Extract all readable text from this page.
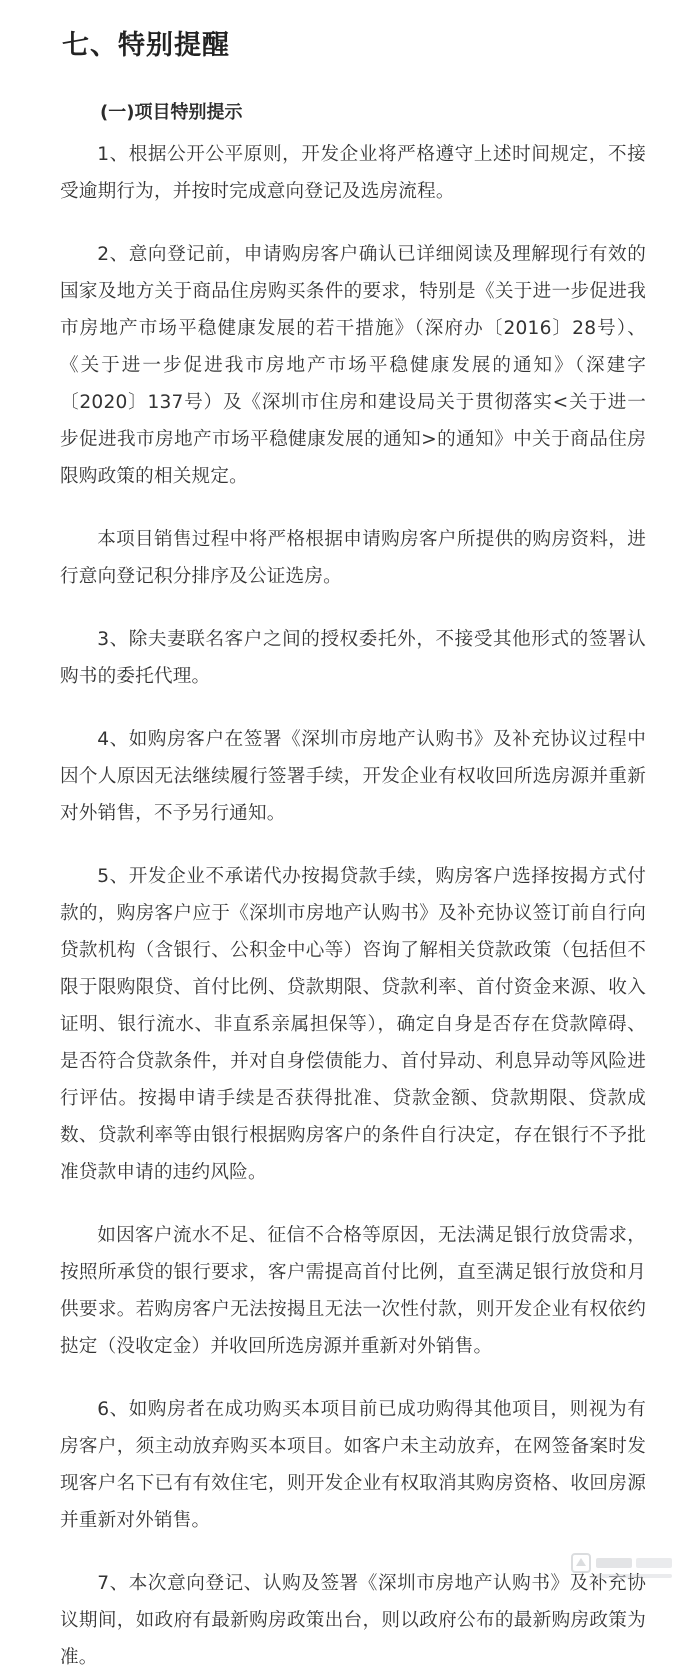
七、特别提醒
(一)项目特别提示

1、根据公开公平原则，开发企业将严格遵守上述时间规定，不接受逾期行为，并按时完成意向登记及选房流程。

2、意向登记前，申请购房客户确认已详细阅读及理解现行有效的国家及地方关于商品住房购买条件的要求，特别是《关于进一步促进我市房地产市场平稳健康发展的若干措施》（深府办〔2016〕28号）、《关于进一步促进我市房地产市场平稳健康发展的通知》（深建字〔2020〕137号）及《深圳市住房和建设局关于贯彻落实<关于进一步促进我市房地产市场平稳健康发展的通知>的通知》中关于商品住房限购政策的相关规定。

本项目销售过程中将严格根据申请购房客户所提供的购房资料，进行意向登记积分排序及公证选房。

3、除夫妻联名客户之间的授权委托外，不接受其他形式的签署认购书的委托代理。

4、如购房客户在签署《深圳市房地产认购书》及补充协议过程中因个人原因无法继续履行签署手续，开发企业有权收回所选房源并重新对外销售，不予另行通知。

5、开发企业不承诺代办按揭贷款手续，购房客户选择按揭方式付款的，购房客户应于《深圳市房地产认购书》及补充协议签订前自行向贷款机构（含银行、公积金中心等）咨询了解相关贷款政策（包括但不限于限购限贷、首付比例、贷款期限、贷款利率、首付资金来源、收入证明、银行流水、非直系亲属担保等），确定自身是否存在贷款障碍、是否符合贷款条件，并对自身偿债能力、首付异动、利息异动等风险进行评估。按揭申请手续是否获得批准、贷款金额、贷款期限、贷款成数、贷款利率等由银行根据购房客户的条件自行决定，存在银行不予批准贷款申请的违约风险。

如因客户流水不足、征信不合格等原因，无法满足银行放贷需求，按照所承贷的银行要求，客户需提高首付比例，直至满足银行放贷和月供要求。若购房客户无法按揭且无法一次性付款，则开发企业有权依约挞定（没收定金）并收回所选房源并重新对外销售。

6、如购房者在成功购买本项目前已成功购得其他项目，则视为有房客户，须主动放弃购买本项目。如客户未主动放弃，在网签备案时发现客户名下已有有效住宅，则开发企业有权取消其购房资格、收回房源并重新对外销售。

7、本次意向登记、认购及签署《深圳市房地产认购书》及补充协议期间，如政府有最新购房政策出台，则以政府公布的最新购房政策为准。
